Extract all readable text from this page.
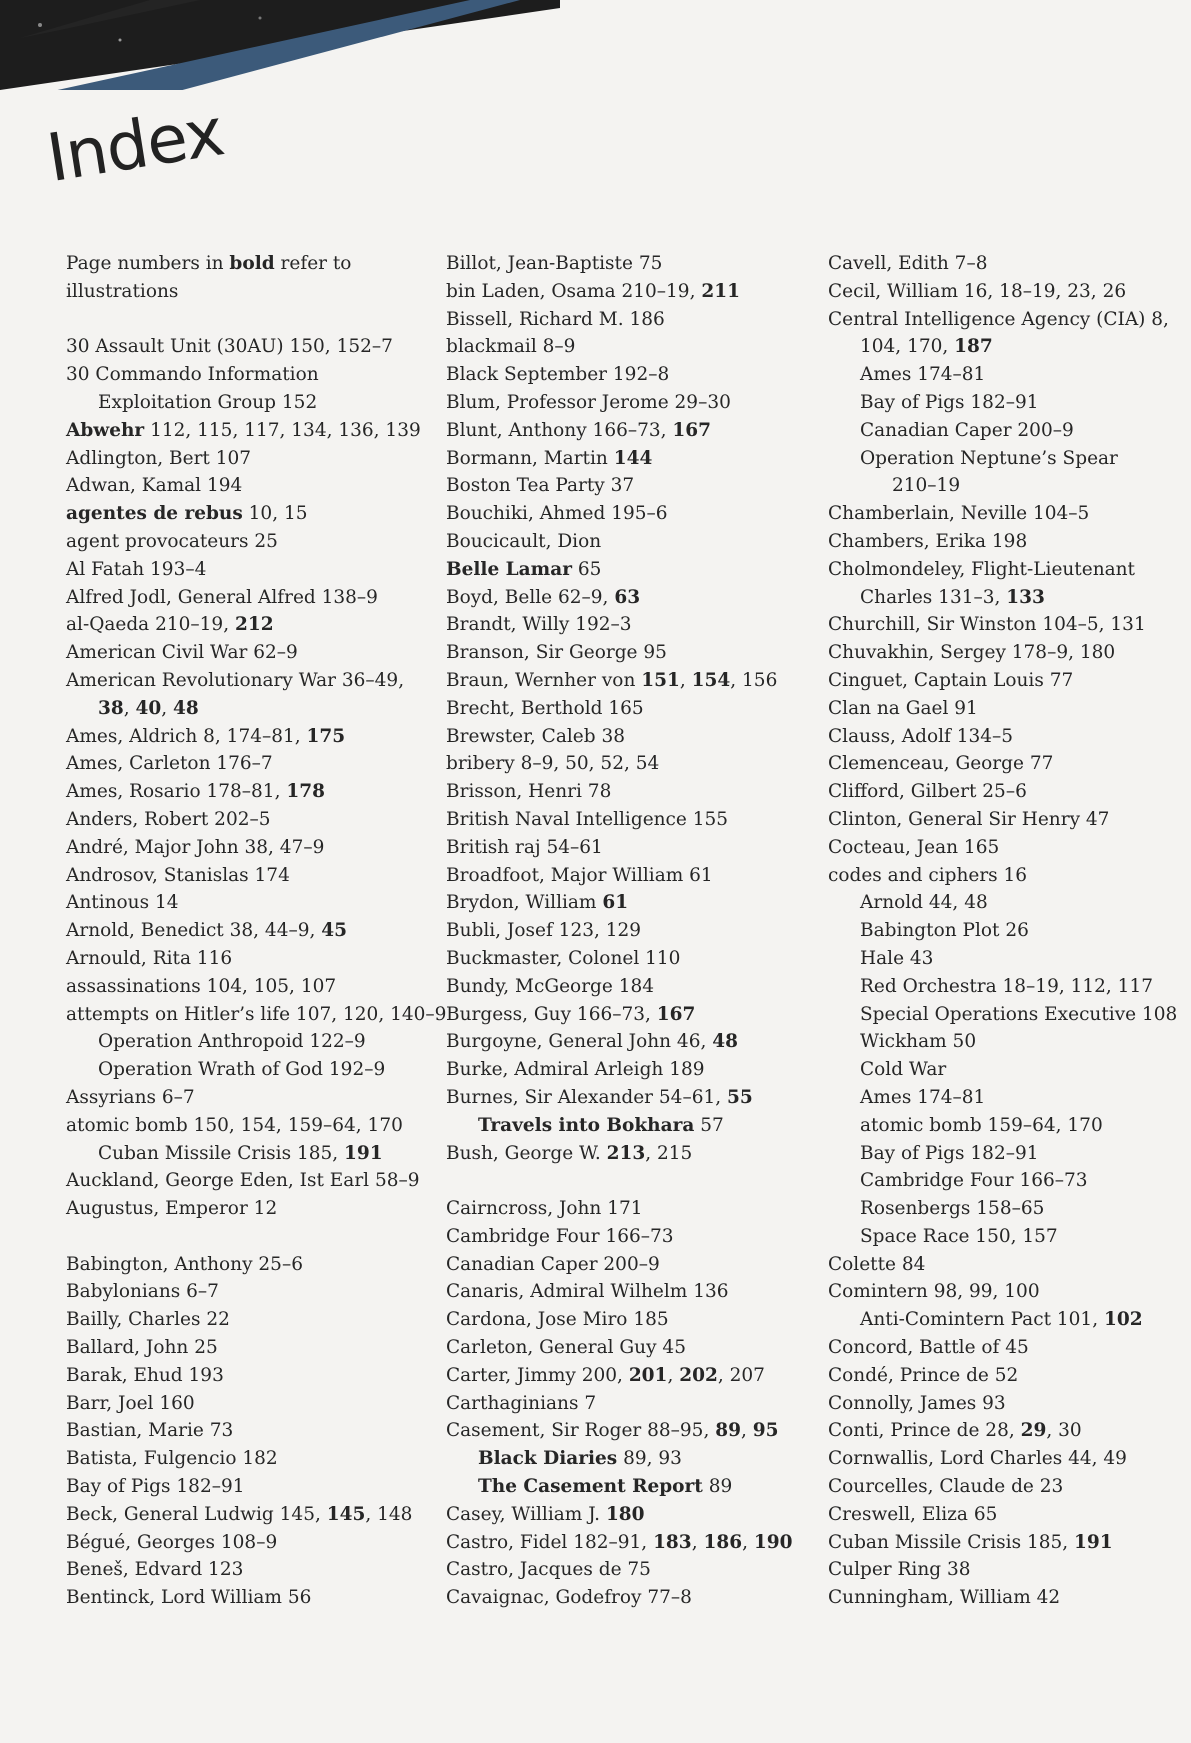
Index
Page numbers in bold refer to
illustrations
30 Assault Unit (30AU) 150, 152–7
30 Commando Information
Exploitation Group 152
Abwehr 112, 115, 117, 134, 136, 139
Adlington, Bert 107
Adwan, Kamal 194
agentes de rebus 10, 15
agent provocateurs 25
Al Fatah 193–4
Alfred Jodl, General Alfred 138–9
al-Qaeda 210–19, 212
American Civil War 62–9
American Revolutionary War 36–49,
38, 40, 48
Ames, Aldrich 8, 174–81, 175
Ames, Carleton 176–7
Ames, Rosario 178–81, 178
Anders, Robert 202–5
André, Major John 38, 47–9
Androsov, Stanislas 174
Antinous 14
Arnold, Benedict 38, 44–9, 45
Arnould, Rita 116
assassinations 104, 105, 107
attempts on Hitler’s life 107, 120, 140–9
Operation Anthropoid 122–9
Operation Wrath of God 192–9
Assyrians 6–7
atomic bomb 150, 154, 159–64, 170
Cuban Missile Crisis 185, 191
Auckland, George Eden, Ist Earl 58–9
Augustus, Emperor 12
Babington, Anthony 25–6
Babylonians 6–7
Bailly, Charles 22
Ballard, John 25
Barak, Ehud 193
Barr, Joel 160
Bastian, Marie 73
Batista, Fulgencio 182
Bay of Pigs 182–91
Beck, General Ludwig 145, 145, 148
Bégué, Georges 108–9
Beneš, Edvard 123
Bentinck, Lord William 56
Billot, Jean-Baptiste 75
bin Laden, Osama 210–19, 211
Bissell, Richard M. 186
blackmail 8–9
Black September 192–8
Blum, Professor Jerome 29–30
Blunt, Anthony 166–73, 167
Bormann, Martin 144
Boston Tea Party 37
Bouchiki, Ahmed 195–6
Boucicault, Dion
Belle Lamar 65
Boyd, Belle 62–9, 63
Brandt, Willy 192–3
Branson, Sir George 95
Braun, Wernher von 151, 154, 156
Brecht, Berthold 165
Brewster, Caleb 38
bribery 8–9, 50, 52, 54
Brisson, Henri 78
British Naval Intelligence 155
British raj 54–61
Broadfoot, Major William 61
Brydon, William 61
Bubli, Josef 123, 129
Buckmaster, Colonel 110
Bundy, McGeorge 184
Burgess, Guy 166–73, 167
Burgoyne, General John 46, 48
Burke, Admiral Arleigh 189
Burnes, Sir Alexander 54–61, 55
Travels into Bokhara 57
Bush, George W. 213, 215
Cairncross, John 171
Cambridge Four 166–73
Canadian Caper 200–9
Canaris, Admiral Wilhelm 136
Cardona, Jose Miro 185
Carleton, General Guy 45
Carter, Jimmy 200, 201, 202, 207
Carthaginians 7
Casement, Sir Roger 88–95, 89, 95
Black Diaries 89, 93
The Casement Report 89
Casey, William J. 180
Castro, Fidel 182–91, 183, 186, 190
Castro, Jacques de 75
Cavaignac, Godefroy 77–8
Cavell, Edith 7–8
Cecil, William 16, 18–19, 23, 26
Central Intelligence Agency (CIA) 8,
104, 170, 187
Ames 174–81
Bay of Pigs 182–91
Canadian Caper 200–9
Operation Neptune’s Spear
210–19
Chamberlain, Neville 104–5
Chambers, Erika 198
Cholmondeley, Flight-Lieutenant
Charles 131–3, 133
Churchill, Sir Winston 104–5, 131
Chuvakhin, Sergey 178–9, 180
Cinguet, Captain Louis 77
Clan na Gael 91
Clauss, Adolf 134–5
Clemenceau, George 77
Clifford, Gilbert 25–6
Clinton, General Sir Henry 47
Cocteau, Jean 165
codes and ciphers 16
Arnold 44, 48
Babington Plot 26
Hale 43
Red Orchestra 18–19, 112, 117
Special Operations Executive 108
Wickham 50
Cold War
Ames 174–81
atomic bomb 159–64, 170
Bay of Pigs 182–91
Cambridge Four 166–73
Rosenbergs 158–65
Space Race 150, 157
Colette 84
Comintern 98, 99, 100
Anti-Comintern Pact 101, 102
Concord, Battle of 45
Condé, Prince de 52
Connolly, James 93
Conti, Prince de 28, 29, 30
Cornwallis, Lord Charles 44, 49
Courcelles, Claude de 23
Creswell, Eliza 65
Cuban Missile Crisis 185, 191
Culper Ring 38
Cunningham, William 42
